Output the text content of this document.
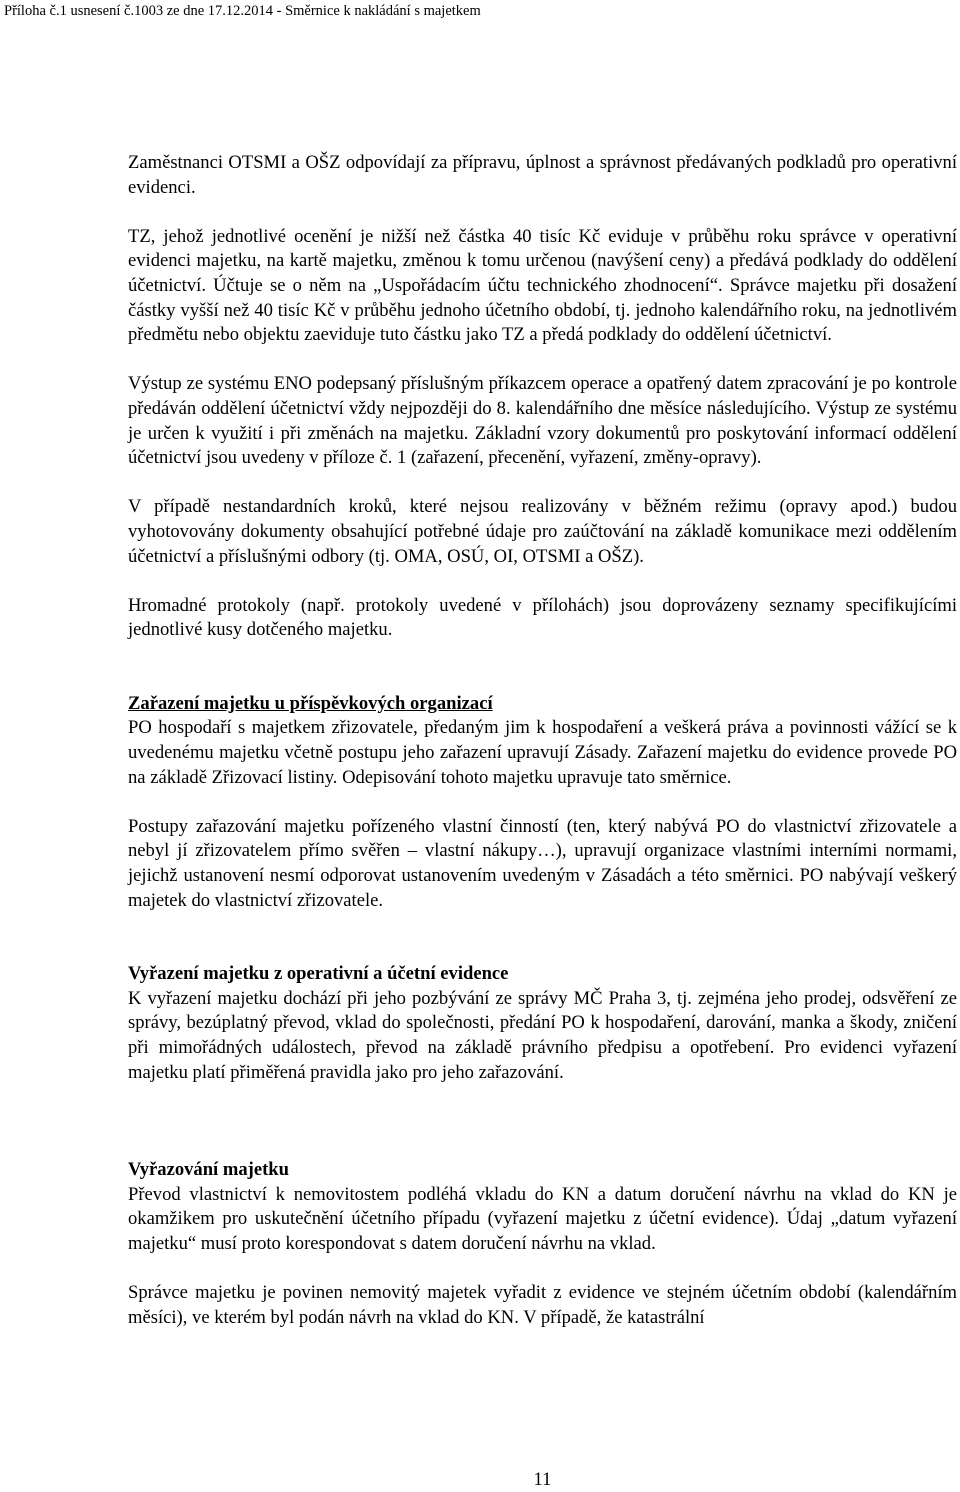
Příloha č.1 usnesení č.1003 ze dne 17.12.2014 - Směrnice k nakládání s majetkem

Zaměstnanci OTSMI a OŠZ odpovídají za přípravu, úplnost a správnost předávaných podkladů pro operativní evidenci.

TZ, jehož jednotlivé ocenění je nižší než částka 40 tisíc Kč eviduje v průběhu roku správce v operativní evidenci majetku, na kartě majetku, změnou k tomu určenou (navýšení ceny) a předává podklady do oddělení účetnictví. Účtuje se o něm na „Uspořádacím účtu technického zhodnocení“. Správce majetku při dosažení částky vyšší než 40 tisíc Kč v průběhu jednoho účetního období, tj. jednoho kalendářního roku, na jednotlivém předmětu nebo objektu zaeviduje tuto částku jako TZ a předá podklady do oddělení účetnictví.

Výstup ze systému ENO podepsaný příslušným příkazcem operace a opatřený datem zpracování je po kontrole předáván oddělení účetnictví vždy nejpozději do 8. kalendářního dne měsíce následujícího. Výstup ze systému je určen k využití i při změnách na majetku. Základní vzory dokumentů pro poskytování informací oddělení účetnictví jsou uvedeny v příloze č. 1 (zařazení, přecenění, vyřazení, změny-opravy).

V případě nestandardních kroků, které nejsou realizovány v běžném režimu (opravy apod.) budou vyhotovovány dokumenty obsahující potřebné údaje pro zaúčtování na základě komunikace mezi oddělením účetnictví a příslušnými odbory (tj. OMA, OSÚ, OI, OTSMI a OŠZ).

Hromadné protokoly (např. protokoly uvedené v přílohách) jsou doprovázeny seznamy specifikujícími jednotlivé kusy dotčeného majetku.

Zařazení majetku u příspěvkových organizací

PO hospodaří s majetkem zřizovatele, předaným jim k hospodaření a veškerá práva a povinnosti vážící se k uvedenému majetku včetně postupu jeho zařazení upravují Zásady. Zařazení majetku do evidence provede PO na základě Zřizovací listiny. Odepisování tohoto majetku upravuje tato směrnice.

Postupy zařazování majetku pořízeného vlastní činností (ten, který nabývá PO do vlastnictví zřizovatele a nebyl jí zřizovatelem přímo svěřen – vlastní nákupy…), upravují organizace vlastními interními normami, jejichž ustanovení nesmí odporovat ustanovením uvedeným v Zásadách a této směrnici. PO nabývají veškerý majetek do vlastnictví zřizovatele.

Vyřazení majetku z operativní a účetní evidence

K vyřazení majetku dochází při jeho pozbývání ze správy MČ Praha 3, tj. zejména jeho prodej, odsvěření ze správy, bezúplatný převod, vklad do společnosti, předání PO k hospodaření, darování, manka a škody, zničení při mimořádných událostech, převod na základě právního předpisu a opotřebení. Pro evidenci vyřazení majetku platí přiměřená pravidla jako pro jeho zařazování.

Vyřazování majetku

Převod vlastnictví k nemovitostem podléhá vkladu do KN a datum doručení návrhu na vklad do KN je okamžikem pro uskutečnění účetního případu (vyřazení majetku z účetní evidence). Údaj „datum vyřazení majetku“ musí proto korespondovat s datem doručení návrhu na vklad.

Správce majetku je povinen nemovitý majetek vyřadit z evidence ve stejném účetním období (kalendářním měsíci), ve kterém byl podán návrh na vklad do KN. V případě, že katastrální

11
